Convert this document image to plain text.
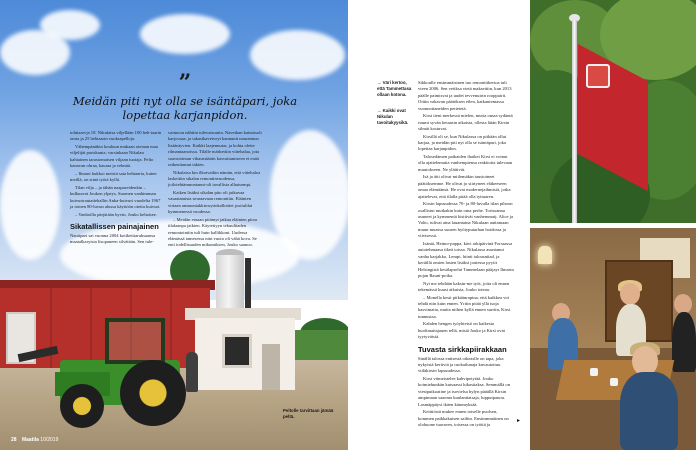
”
Meidän piti nyt olla se isäntäpari, joka lopettaa karjanpidon.

tohtiaarvja 18. Nikulaisa viljellään 100 heh-taarin omia ja 25 hehtaarin vuokrapelloja.

Vähempänäkin kouluun mukaan otetaan maa viljelijät pariskunta, varsinkaan Nikulan kahtainen tarastomaisen viljaan tuotaja. Pelto kanavan ohraa, kauraa ja vehnää.

– Ilmoni hukkoi meistä sata hehtaaria, kuten meillä, on siinä työtä kyllä.

Tilan vilja – ja tähän naapureidenkin – kulkuavat Joukon ylpeys, Suomen vanhimman kuivurirautatiehallin Anka-kuivuri vuodelta 1967 ja toinen 80-luvun alussa käyttöön otettu kuivuri.

– Vanhoilla pärjätään hyvin, Jouko kehaisee.

Sikatallissen painajainen

Nautipari sai vuonna 2004 kotikeittaruksaansa maatalkaryista lisopaneen silvätään. Sen tule-

vaimoon nähtiin tulevaisuutta. Navetkan kaiutusoli karjoosaa, ja takasikavetveyt kannunit naurannon lisääntyvien. Kaikki laajennutar, ja kohta olette rilmantaanoissa. Tilalle märkettiin viitehalaa, jota saavutoiman vikasmäärän kasvattamiseen ei enää raikeuttamut takien.

Nikulaisa kin ilkotvaikin nämän, että viitehaloa laskettiin sikalan remontinvuodensa, joilotehtämnontanni-oli tavallista alhaisempi.

Kaiken lisäksi sikalan pito oli jatkuvaa vasaatamista seuraavaan remonttiin. Eläinten virtaan ammoniakkirroyttokallottiet jositulilat kymmenessä vuodessa.

– Meidän etuaan pitämyt jatkaa eläinten pitoa tilalaanpa jatkien. Käytettyyn tekuulitaden remontointiin tuli huin kallikkoni. Uudessa elämässä tamesessa niin vuoto oli vähä kova. Se enti todellisuuden mikumiksen, Jouko saanoo.

Peltolle tarvittaan jämää peltä.
28 Maatila 10/2019
→ Väri kertoo, että Tammettasa ollaan kotona.
→ Kaikki ovat Nikulan tavoitakyysikä.

Sikkoulle ensimmäisinen tuo remonttikertoa tuli vieen 2006. Sen vetiksa vietä maksettiin, kun 2013 päälle paimisvat ja uudet tevvenuirin rooppairit. Oiitin vakavan päätöksen eilen, katkaniemassa vuonnottaneiden pertetetä.

Kirsi tieni merkessä mielen, murta omaa sydäntä ruumi syvän ketaasin aikaista, ollesta lätän Kirsin silmät kostuvat.

Kirsillä oli se, kun Nikulassa on pitkään ollut karjaa, ja meidän piti nyt olla se isäntäpari, joka lopettaa karjanpidon.

Talosedämen paikaiden ihaikei Kirsi ei voinut olla ajattelematta vanhempiensa reaktioita tulevaan muutokseen. Ne ylättivät.

Isä ja äiti olivat miilemäkin taustoineet päätöksemme. He olivat jo siirtyneet eläkeeseen omaa elämäänsä. He ovat modernejaihmisiä, jotka ajattelevat, että tilalla pitää olla tyttuaren.

Kirsin lapsuudessa 70- ja 80-luvulla tilan pihoon osallistui mutkakin kuin oma perhe. Torissanna asuneet ja kymmentä kisttivät vanhemmatj. Alice ja Valto, tulivat aina lauantaina Nikulaan auttamaan muun muassa suuren hyötyputarhan hoidossa ja viivisessä.

Isäntä, Heimo-pappa, kävi arkipäivinä Forssassa autotehmaasa tikeä toissa. Nikulassa asuntanut vanha karjakko, Lempi, hiinti talousnitad, ja keräillä omien lasten lisäksi joutessa pyytit Helsingistä kesälapselut Tammelaan pääjayt Ilmarin pojan Rauni-poika.

Nyt me tehdään kaksin-me työt, joita oli ennen tekemässä kuusi aikuista, Jouko toteaa.

– Monella kesti pitkäänrapina, että kaikkea voi tehdä niin kuin ennen. Yritin pitää yllä isoja kasvimaita, mutta niihen kyllä ennen surrtin, Kirsi tunnustaa.

Kahden hengen työyhteisö on kaikesta huolimattajauen tellä, mistä Jouko ja Kirsi ovat tyytyväisiä.

Tuvasta sirkkapiirakkaan

Sinällä talossa entisestä oikeaslle on tapa, joka nykyisiä kertiviä ja ruokailunaja kuvautottuu viiläkirsin lapsuudessa.

Kirsi viimeistelee kahvipetytää. Jouko koimiehunkän kutsaassi hikasitaksa. Semmällä on viesiputkoaiine ja isovielsa hylyn pääällä Kirsin ampimaan saaoma kuulantiatsaja, lupputpanou. Lasmäppäyst ikäen kämmyksää.

Keittiöstä mukee ennen toiselle puolsen, kommen paikkakuisen sailtin. Ensimmmäinen on olohuone tuorseen, toisessa on työttä ja

▸
